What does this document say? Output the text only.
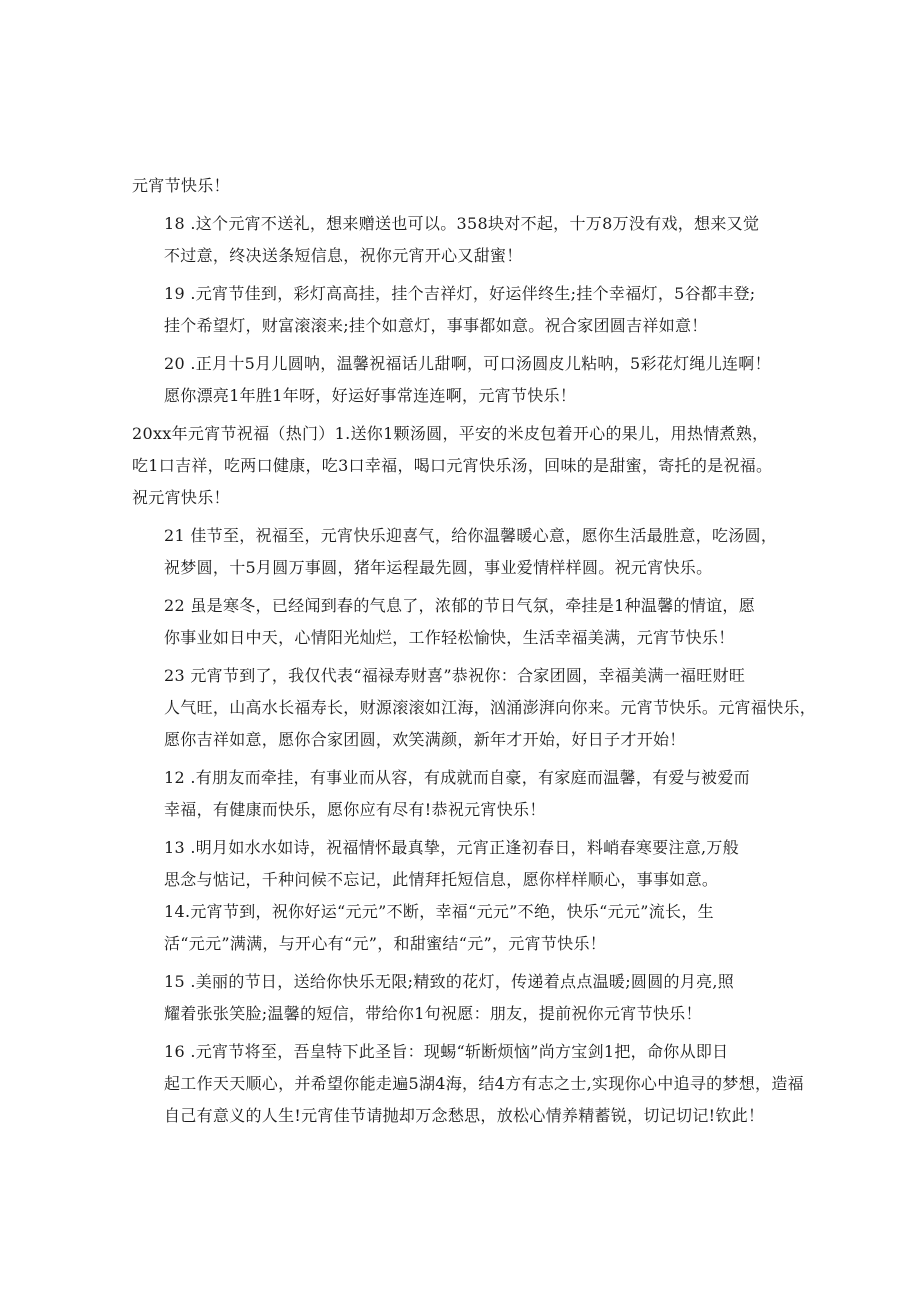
元宵节快乐！

18 .这个元宵不送礼，想来赠送也可以。358块对不起，十万8万没有戏，想来又觉
不过意，终决送条短信息，祝你元宵开心又甜蜜！

19 .元宵节佳到，彩灯高高挂，挂个吉祥灯，好运伴终生;挂个幸福灯，5谷都丰登;
挂个希望灯，财富滚滚来;挂个如意灯，事事都如意。祝合家团圆吉祥如意！

20 .正月十5月儿圆呐，温馨祝福话儿甜啊，可口汤圆皮儿粘呐，5彩花灯绳儿连啊！
愿你漂亮1年胜1年呀，好运好事常连连啊，元宵节快乐！

20xx年元宵节祝福（热门）1.送你1颗汤圆，平安的米皮包着开心的果儿，用热情煮熟，
吃1口吉祥，吃两口健康，吃3口幸福，喝口元宵快乐汤，回味的是甜蜜，寄托的是祝福。
祝元宵快乐！

21 佳节至，祝福至，元宵快乐迎喜气，给你温馨暖心意，愿你生活最胜意，吃汤圆，
祝梦圆，十5月圆万事圆，猪年运程最先圆，事业爱情样样圆。祝元宵快乐。

22 虽是寒冬，已经闻到春的气息了，浓郁的节日气氛，牵挂是1种温馨的情谊，愿
你事业如日中天，心情阳光灿烂，工作轻松愉快，生活幸福美满，元宵节快乐！

23 元宵节到了，我仅代表“福禄寿财喜”恭祝你：合家团圆，幸福美满一福旺财旺
人气旺，山高水长福寿长，财源滚滚如江海，汹涌澎湃向你来。元宵节快乐。元宵福快乐，
愿你吉祥如意，愿你合家团圆，欢笑满颜，新年才开始，好日子才开始！

12 .有朋友而牵挂，有事业而从容，有成就而自豪，有家庭而温馨，有爱与被爱而
幸福，有健康而快乐，愿你应有尽有!恭祝元宵快乐！

13 .明月如水水如诗，祝福情怀最真挚，元宵正逢初春日，料峭春寒要注意,万般
思念与惦记，千种问候不忘记，此情拜托短信息，愿你样样顺心，事事如意。

14.元宵节到，祝你好运“元元”不断，幸福“元元”不绝，快乐“元元”流长，生
活“元元”满满，与开心有“元”，和甜蜜结“元”，元宵节快乐！

15 .美丽的节日，送给你快乐无限;精致的花灯，传递着点点温暖;圆圆的月亮,照
耀着张张笑脸;温馨的短信，带给你1句祝愿：朋友，提前祝你元宵节快乐！

16 .元宵节将至，吾皇特下此圣旨：现蜴“斩断烦恼”尚方宝剑1把，命你从即日
起工作天天顺心，并希望你能走遍5湖4海，结4方有志之士,实现你心中追寻的梦想，造福
自己有意义的人生!元宵佳节请抛却万念愁思，放松心情养精蓄锐，切记切记!钦此！
